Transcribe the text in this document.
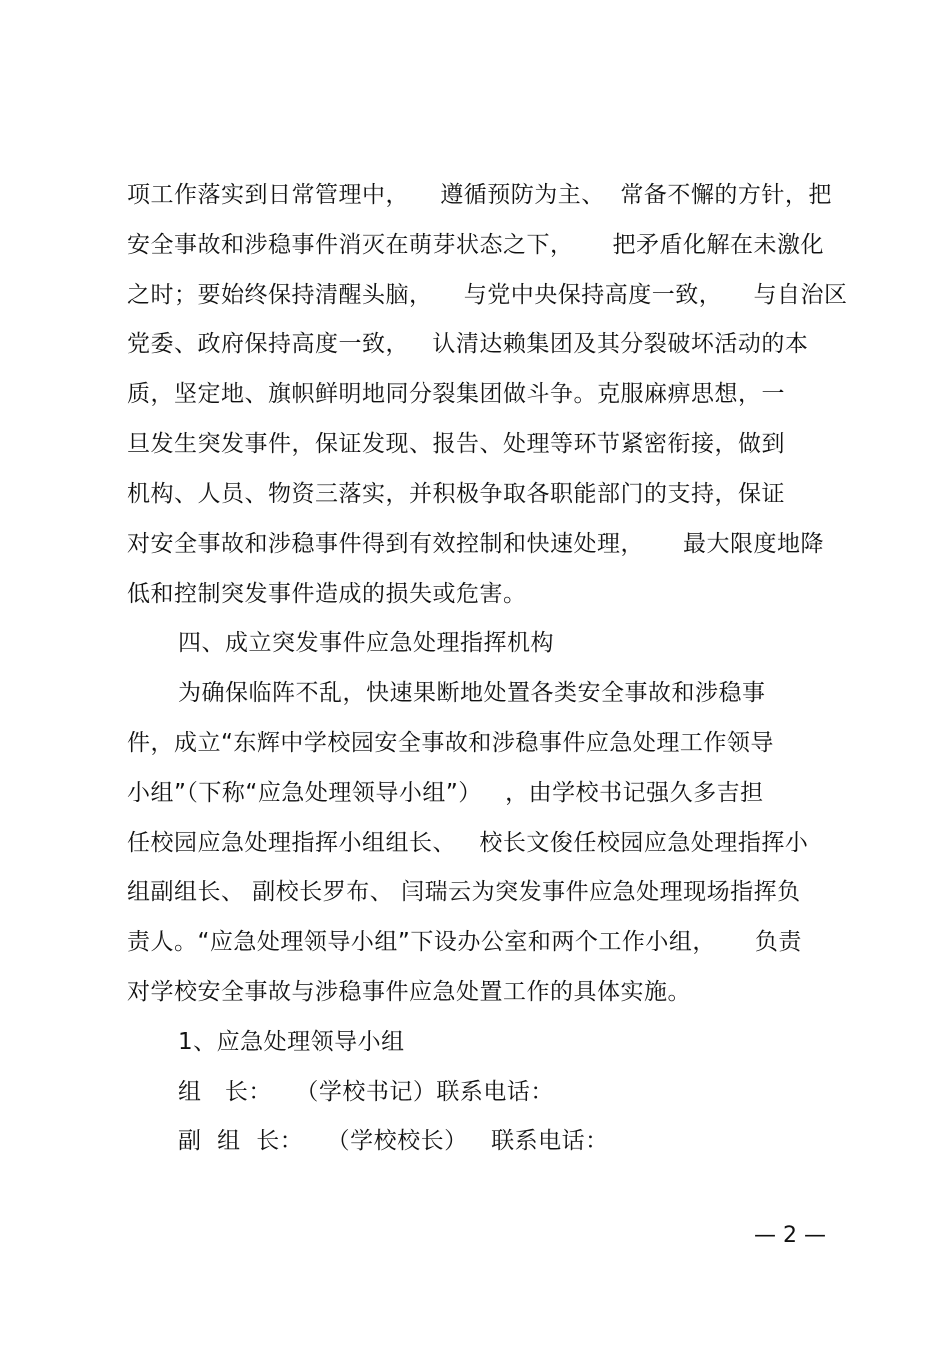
项工作落实到日常管理中，    遵循预防为主、  常备不懈的方针，把
安全事故和涉稳事件消灭在萌芽状态之下，     把矛盾化解在未激化
之时；要始终保持清醒头脑，    与党中央保持高度一致，    与自治区
党委、政府保持高度一致，   认清达赖集团及其分裂破坏活动的本
质，坚定地、旗帜鲜明地同分裂集团做斗争。克服麻痹思想，一
旦发生突发事件，保证发现、报告、处理等环节紧密衔接，做到
机构、人员、物资三落实，并积极争取各职能部门的支持，保证
对安全事故和涉稳事件得到有效控制和快速处理，     最大限度地降
低和控制突发事件造成的损失或危害。
四、成立突发事件应急处理指挥机构
为确保临阵不乱，快速果断地处置各类安全事故和涉稳事
件，成立“东辉中学校园安全事故和涉稳事件应急处理工作领导
小组”（下称“应急处理领导小组”）   ，由学校书记强久多吉担
任校园应急处理指挥小组组长、   校长文俊任校园应急处理指挥小
组副组长、 副校长罗布、 闫瑞云为突发事件应急处理现场指挥负
责人。“应急处理领导小组”下设办公室和两个工作小组，     负责
对学校安全事故与涉稳事件应急处置工作的具体实施。
1、应急处理领导小组
组   长：   （学校书记）联系电话：
副  组  长：   （学校校长）   联系电话：
— 2 —
